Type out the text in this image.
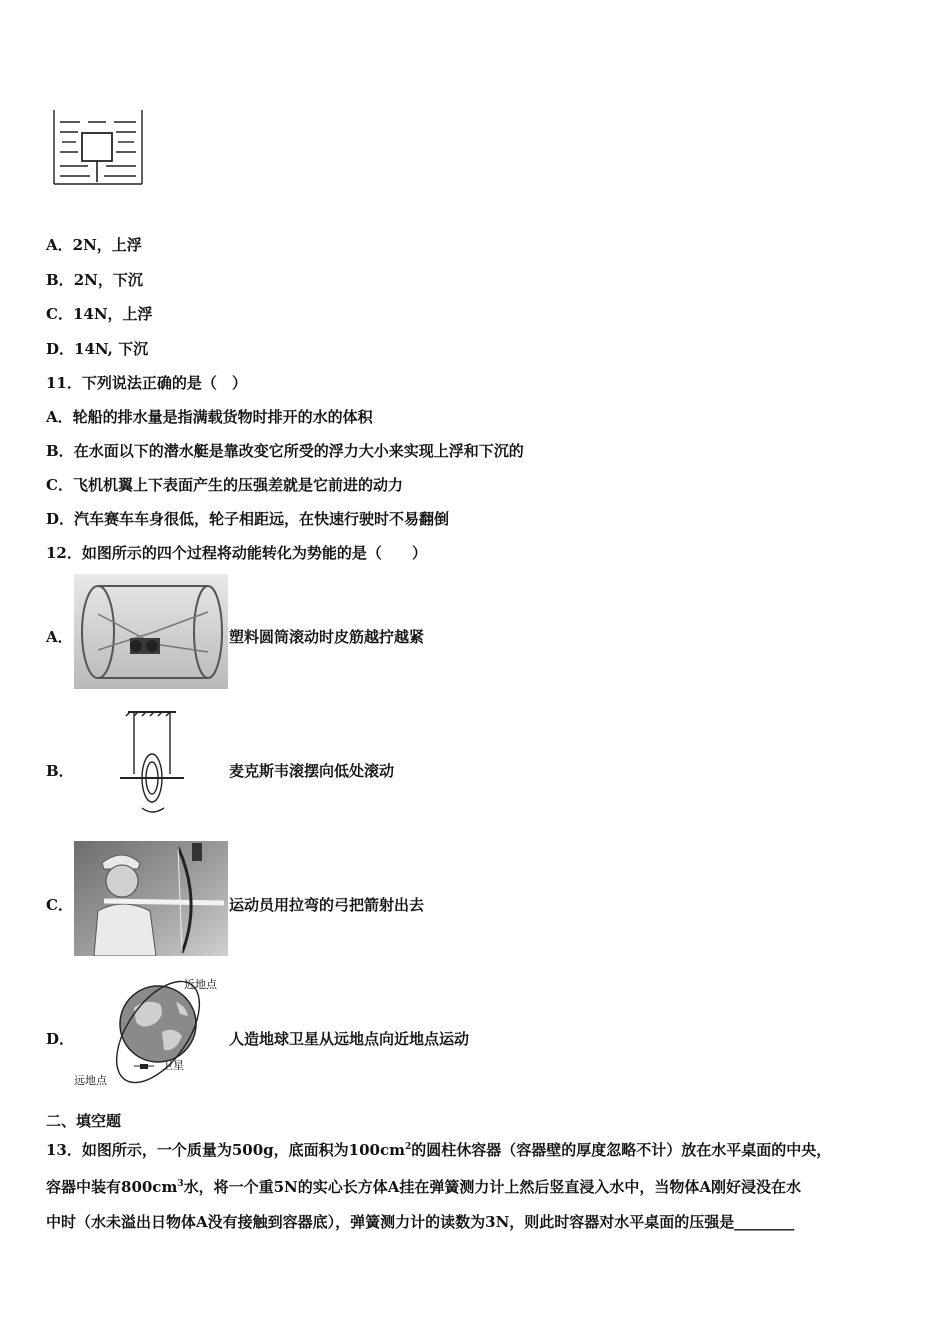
A．2N，上浮
B．2N，下沉
C．14N，上浮
D．14N, 下沉
11．下列说法正确的是（　）
A．轮船的排水量是指满载货物时排开的水的体积
B．在水面以下的潜水艇是靠改变它所受的浮力大小来实现上浮和下沉的
C．飞机机翼上下表面产生的压强差就是它前进的动力
D．汽车赛车车身很低，轮子相距远，在快速行驶时不易翻倒
12．如图所示的四个过程将动能转化为势能的是（　　）
A．	塑料圆筒滚动时皮筋越拧越紧
B．	麦克斯韦滚摆向低处滚动
C．	运动员用拉弯的弓把箭射出去
D．
近地点
卫星
远地点
人造地球卫星从远地点向近地点运动
二、填空题
13．如图所示，一个质量为500g，底面积为$100cm^2$的圆柱休容器（容器壁的厚度忽略不计）放在水平桌面的中央，
容器中装有$800cm^3$水，将一个重5N的实心长方体A挂在弹簧测力计上然后竖直浸入水中，当物体A刚好浸没在水
中时（水未溢出日物体A没有接触到容器底），弹簧测力计的读数为3N，则此时容器对水平桌面的压强是________
